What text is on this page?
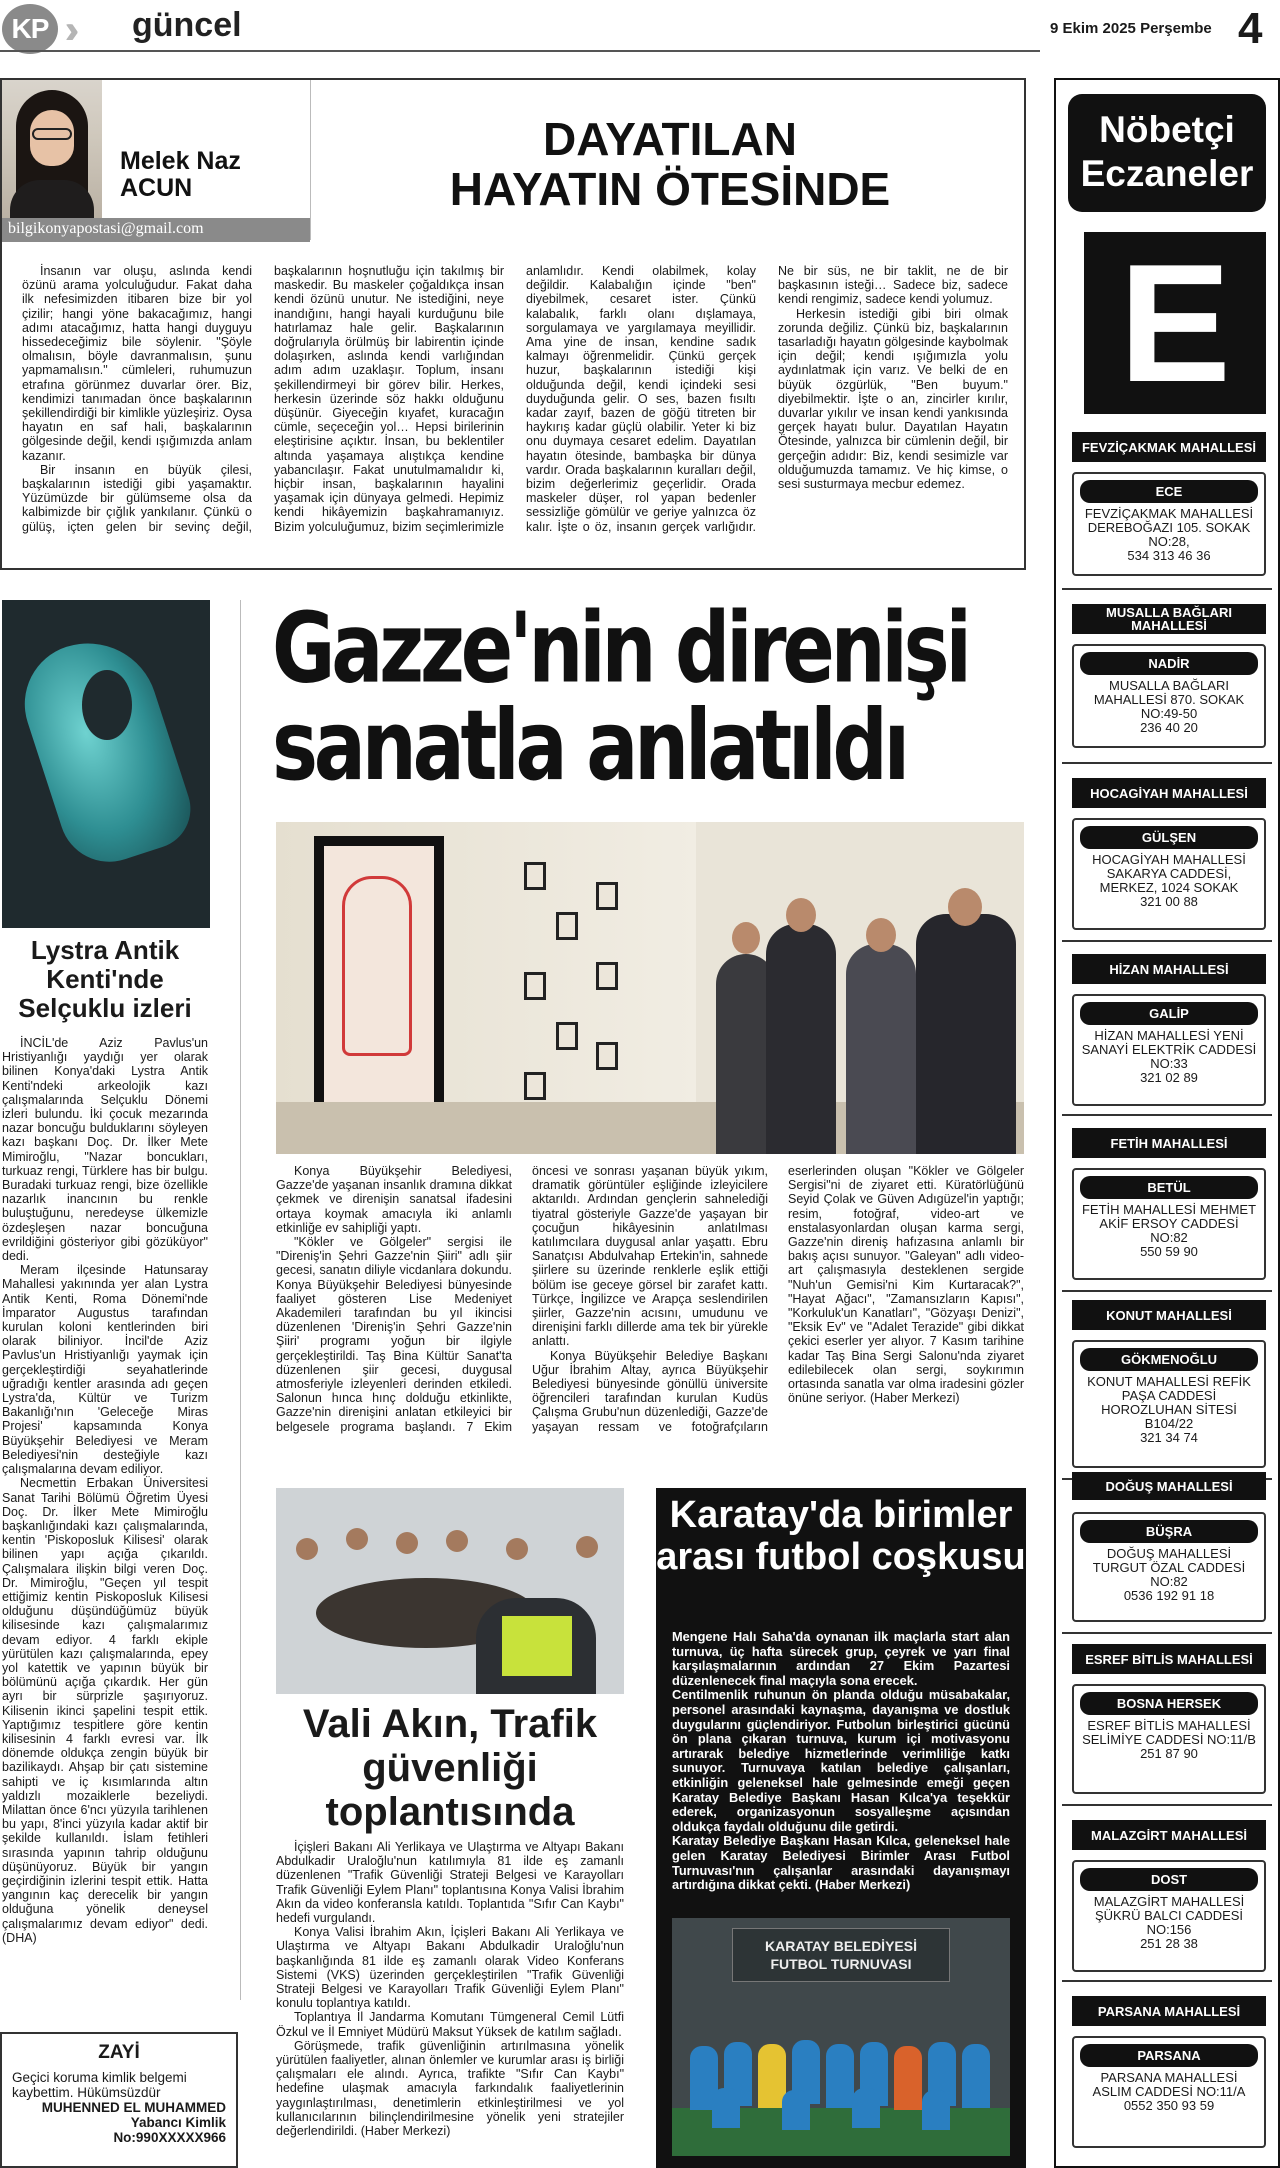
KP güncel	9 Ekim 2025 Perşembe 4
Melek Naz
ACUN
bilgikonyapostasi@gmail.com
DAYATILAN
HAYATIN ÖTESİNDE

İnsanın var oluşu, aslında kendi özünü arama yolculuğudur. Fakat daha ilk nefesimizden itibaren bize bir yol çizilir; hangi yöne bakacağımız, hangi adımı atacağımız, hatta hangi duyguyu hissedeceğimiz bile söylenir. "Şöyle olmalısın, böyle davranmalısın, şunu yapmamalısın." cümleleri, ruhumuzun etrafına görünmez duvarlar örer. Biz, kendimizi tanımadan önce başkalarının şekillendirdiği bir kimlikle yüzleşiriz. Oysa hayatın en saf hali, başkalarının gölgesinde değil, kendi ışığımızda anlam kazanır.

Bir insanın en büyük çilesi, başkalarının istediği gibi yaşamaktır. Yüzümüzde bir gülümseme olsa da kalbimizde bir çığlık yankılanır. Çünkü o gülüş, içten gelen bir sevinç değil, başkalarının hoşnutluğu için takılmış bir maskedir. Bu maskeler çoğaldıkça insan kendi özünü unutur. Ne istediğini, neye inandığını, hangi hayali kurduğunu bile hatırlamaz hale gelir. Başkalarının doğrularıyla örülmüş bir labirentin içinde dolaşırken, aslında kendi varlığından adım adım uzaklaşır. Toplum, insanı şekillendirmeyi bir görev bilir. Herkes, herkesin üzerinde söz hakkı olduğunu düşünür. Giyeceğin kıyafet, kuracağın cümle, seçeceğin yol… Hepsi birilerinin eleştirisine açıktır. İnsan, bu beklentiler altında yaşamaya alıştıkça kendine yabancılaşır. Fakat unutulmamalıdır ki, hiçbir insan, başkalarının hayalini yaşamak için dünyaya gelmedi. Hepimiz kendi hikâyemizin başkahramanıyız. Bizim yolculuğumuz, bizim seçimlerimizle anlamlıdır. Kendi olabilmek, kolay değildir. Kalabalığın içinde "ben" diyebilmek, cesaret ister. Çünkü kalabalık, farklı olanı dışlamaya, sorgulamaya ve yargılamaya meyillidir. Ama yine de insan, kendine sadık kalmayı öğrenmelidir. Çünkü gerçek huzur, başkalarının istediği kişi olduğunda değil, kendi içindeki sesi duyduğunda gelir. O ses, bazen fısıltı kadar zayıf, bazen de göğü titreten bir haykırış kadar güçlü olabilir. Yeter ki biz onu duymaya cesaret edelim. Dayatılan hayatın ötesinde, bambaşka bir dünya vardır. Orada başkalarının kuralları değil, bizim değerlerimiz geçerlidir. Orada maskeler düşer, rol yapan bedenler sessizliğe gömülür ve geriye yalnızca öz kalır. İşte o öz, insanın gerçek varlığıdır. Ne bir süs, ne bir taklit, ne de bir başkasının isteği… Sadece biz, sadece kendi rengimiz, sadece kendi yolumuz.

Herkesin istediği gibi biri olmak zorunda değiliz. Çünkü biz, başkalarının tasarladığı hayatın gölgesinde kaybolmak için değil; kendi ışığımızla yolu aydınlatmak için varız. Ve belki de en büyük özgürlük, "Ben buyum." diyebilmektir. İşte o an, zincirler kırılır, duvarlar yıkılır ve insan kendi yankısında gerçek hayatı bulur. Dayatılan Hayatın Ötesinde, yalnızca bir cümlenin değil, bir gerçeğin adıdır: Biz, kendi sesimizle var olduğumuzda tamamız. Ve hiç kimse, o sesi susturmaya mecbur edemez.

Lystra Antik Kenti'nde Selçuklu izleri

İNCİL'de Aziz Pavlus'un Hristiyanlığı yaydığı yer olarak bilinen Konya'daki Lystra Antik Kenti'ndeki arkeolojik kazı çalışmalarında Selçuklu Dönemi izleri bulundu. İki çocuk mezarında nazar boncuğu bulduklarını söyleyen kazı başkanı Doç. Dr. İlker Mete Mimiroğlu, "Nazar boncukları, turkuaz rengi, Türklere has bir bulgu. Buradaki turkuaz rengi, bize özellikle nazarlık inancının bu renkle buluştuğunu, neredeyse ülkemizle özdeşleşen nazar boncuğuna evrildiğini gösteriyor gibi gözüküyor" dedi.

Meram ilçesinde Hatunsaray Mahallesi yakınında yer alan Lystra Antik Kenti, Roma Dönemi'nde İmparator Augustus tarafından kurulan koloni kentlerinden biri olarak biliniyor. İncil'de Aziz Pavlus'un Hristiyanlığı yaymak için gerçekleştirdiği seyahatlerinde uğradığı kentler arasında adı geçen Lystra'da, Kültür ve Turizm Bakanlığı'nın 'Geleceğe Miras Projesi' kapsamında Konya Büyükşehir Belediyesi ve Meram Belediyesi'nin desteğiyle kazı çalışmalarına devam ediliyor.

Necmettin Erbakan Üniversitesi Sanat Tarihi Bölümü Öğretim Üyesi Doç. Dr. İlker Mete Mimiroğlu başkanlığındaki kazı çalışmalarında, kentin 'Piskoposluk Kilisesi' olarak bilinen yapı açığa çıkarıldı. Çalışmalara ilişkin bilgi veren Doç. Dr. Mimiroğlu, "Geçen yıl tespit ettiğimiz kentin Piskoposluk Kilisesi olduğunu düşündüğümüz büyük kilisesinde kazı çalışmalarımız devam ediyor. 4 farklı ekiple yürütülen kazı çalışmalarında, epey yol katettik ve yapının büyük bir bölümünü açığa çıkardık. Her gün ayrı bir sürprizle şaşırıyoruz. Kilisenin ikinci şapelini tespit ettik. Yaptığımız tespitlere göre kentin kilisesinin 4 farklı evresi var. İlk dönemde oldukça zengin büyük bir bazilikaydı. Ahşap bir çatı sistemine sahipti ve iç kısımlarında altın yaldızlı mozaiklerle bezeliydi. Milattan önce 6'ncı yüzyıla tarihlenen bu yapı, 8'inci yüzyıla kadar aktif bir şekilde kullanıldı. İslam fetihleri sırasında yapının tahrip olduğunu düşünüyoruz. Büyük bir yangın geçirdiğinin izlerini tespit ettik. Hatta yangının kaç derecelik bir yangın olduğuna yönelik deneysel çalışmalarımız devam ediyor" dedi. (DHA)

ZAYİ
Geçici koruma kimlik belgemi kaybettim. Hükümsüzdür
MUHENNED EL MUHAMMED
Yabancı Kimlik
No:990XXXXX966
Gazze'nin direnişi
sanatla anlatıldı

Konya Büyükşehir Belediyesi, Gazze'de yaşanan insanlık dramına dikkat çekmek ve direnişin sanatsal ifadesini ortaya koymak amacıyla iki anlamlı etkinliğe ev sahipliği yaptı.

"Kökler ve Gölgeler" sergisi ile "Direniş'in Şehri Gazze'nin Şiiri" adlı şiir gecesi, sanatın diliyle vicdanlara dokundu. Konya Büyükşehir Belediyesi bünyesinde faaliyet gösteren Lise Medeniyet Akademileri tarafından bu yıl ikincisi düzenlenen 'Direniş'in Şehri Gazze'nin Şiiri' programı yoğun bir ilgiyle gerçekleştirildi. Taş Bina Kültür Sanat'ta düzenlenen şiir gecesi, duygusal atmosferiyle izleyenleri derinden etkiledi. Salonun hınca hınç dolduğu etkinlikte, Gazze'nin direnişini anlatan etkileyici bir belgesele programa başlandı. 7 Ekim öncesi ve sonrası yaşanan büyük yıkım, dramatik görüntüler eşliğinde izleyicilere aktarıldı. Ardından gençlerin sahnelediği tiyatral gösteriyle Gazze'de yaşayan bir çocuğun hikâyesinin anlatılması katılımcılara duygusal anlar yaşattı. Ebru Sanatçısı Abdulvahap Ertekin'in, sahnede şiirlere su üzerinde renklerle eşlik ettiği bölüm ise geceye görsel bir zarafet kattı. Türkçe, İngilizce ve Arapça seslendirilen şiirler, Gazze'nin acısını, umudunu ve direnişini farklı dillerde ama tek bir yürekle anlattı.

Konya Büyükşehir Belediye Başkanı Uğur İbrahim Altay, ayrıca Büyükşehir Belediyesi bünyesinde gönüllü üniversite öğrencileri tarafından kurulan Kudüs Çalışma Grubu'nun düzenlediği, Gazze'de yaşayan ressam ve fotoğrafçıların eserlerinden oluşan "Kökler ve Gölgeler Sergisi"ni de ziyaret etti. Küratörlüğünü Seyid Çolak ve Güven Adıgüzel'in yaptığı; resim, fotoğraf, video-art ve enstalasyonlardan oluşan karma sergi, Gazze'nin direniş hafızasına anlamlı bir bakış açısı sunuyor. "Galeyan" adlı video-art çalışmasıyla desteklenen sergide "Nuh'un Gemisi'ni Kim Kurtaracak?", "Hayat Ağacı", "Zamansızların Kapısı", "Korkuluk'un Kanatları", "Gözyaşı Denizi", "Eksik Ev" ve "Adalet Terazide" gibi dikkat çekici eserler yer alıyor. 7 Kasım tarihine kadar Taş Bina Sergi Salonu'nda ziyaret edilebilecek olan sergi, soykırımın ortasında sanatla var olma iradesini gözler önüne seriyor. (Haber Merkezi)

Vali Akın, Trafik güvenliği toplantısında

İçişleri Bakanı Ali Yerlikaya ve Ulaştırma ve Altyapı Bakanı Abdulkadir Uraloğlu'nun katılımıyla 81 ilde eş zamanlı düzenlenen "Trafik Güvenliği Strateji Belgesi ve Karayolları Trafik Güvenliği Eylem Planı" toplantısına Konya Valisi İbrahim Akın da video konferansla katıldı. Toplantıda "Sıfır Can Kaybı" hedefi vurgulandı.

Konya Valisi İbrahim Akın, İçişleri Bakanı Ali Yerlikaya ve Ulaştırma ve Altyapı Bakanı Abdulkadir Uraloğlu'nun başkanlığında 81 ilde eş zamanlı olarak Video Konferans Sistemi (VKS) üzerinden gerçekleştirilen "Trafik Güvenliği Strateji Belgesi ve Karayolları Trafik Güvenliği Eylem Planı" konulu toplantıya katıldı.

Toplantıya İl Jandarma Komutanı Tümgeneral Cemil Lütfi Özkul ve İl Emniyet Müdürü Maksut Yüksek de katılım sağladı.

Görüşmede, trafik güvenliğinin artırılmasına yönelik yürütülen faaliyetler, alınan önlemler ve kurumlar arası iş birliği çalışmaları ele alındı. Ayrıca, trafikte "Sıfır Can Kaybı" hedefine ulaşmak amacıyla farkındalık faaliyetlerinin yaygınlaştırılması, denetimlerin etkinleştirilmesi ve yol kullanıcılarının bilinçlendirilmesine yönelik yeni stratejiler değerlendirildi. (Haber Merkezi)

Karatay'da birimler arası futbol coşkusu
Mengene Halı Saha'da oynanan ilk maçlarla start alan turnuva, üç hafta sürecek grup, çeyrek ve yarı final karşılaşmalarının ardından 27 Ekim Pazartesi düzenlenecek final maçıyla sona erecek.
Centilmenlik ruhunun ön planda olduğu müsabakalar, personel arasındaki kaynaşma, dayanışma ve dostluk duygularını güçlendiriyor. Futbolun birleştirici gücünü ön plana çıkaran turnuva, kurum içi motivasyonu artırarak belediye hizmetlerinde verimliliğe katkı sunuyor. Turnuvaya katılan belediye çalışanları, etkinliğin geleneksel hale gelmesinde emeği geçen Karatay Belediye Başkanı Hasan Kılca'ya teşekkür ederek, organizasyonun sosyalleşme açısından oldukça faydalı olduğunu dile getirdi.
Karatay Belediye Başkanı Hasan Kılca, geleneksel hale gelen Karatay Belediyesi Birimler Arası Futbol Turnuvası'nın çalışanlar arasındaki dayanışmayı artırdığına dikkat çekti. (Haber Merkezi)
KARATAY BELEDİYESİ
FUTBOL TURNUVASI
Nöbetçi
Eczaneler
E
FEVZİÇAKMAK MAHALLESİ
ECE
FEVZİÇAKMAK MAHALLESİ DEREBOĞAZI 105. SOKAK NO:28,
534 313 46 36
MUSALLA BAĞLARI MAHALLESİ
NADİR
MUSALLA BAĞLARI MAHALLESİ 870. SOKAK NO:49-50
236 40 20
HOCAGİYAH MAHALLESİ
GÜLŞEN
HOCAGİYAH MAHALLESİ SAKARYA CADDESİ, MERKEZ, 1024 SOKAK
321 00 88
HİZAN MAHALLESİ
GALİP
HİZAN MAHALLESİ YENİ SANAYİ ELEKTRİK CADDESİ NO:33
321 02 89
FETİH MAHALLESİ
BETÜL
FETİH MAHALLESİ MEHMET AKİF ERSOY CADDESİ NO:82
550 59 90
KONUT MAHALLESİ
GÖKMENOĞLU
KONUT MAHALLESİ REFİK PAŞA CADDESİ HOROZLUHAN SİTESİ B104/22
321 34 74
DOĞUŞ MAHALLESİ
BÜŞRA
DOĞUŞ MAHALLESİ TURGUT ÖZAL CADDESİ NO:82
0536 192 91 18
ESREF BİTLİS MAHALLESİ
BOSNA HERSEK
ESREF BİTLİS MAHALLESİ SELİMİYE CADDESİ NO:11/B
251 87 90
MALAZGİRT MAHALLESİ
DOST
MALAZGİRT MAHALLESİ ŞÜKRÜ BALCI CADDESİ NO:156
251 28 38
PARSANA MAHALLESİ
PARSANA
PARSANA MAHALLESİ ASLIM CADDESİ NO:11/A
0552 350 93 59
